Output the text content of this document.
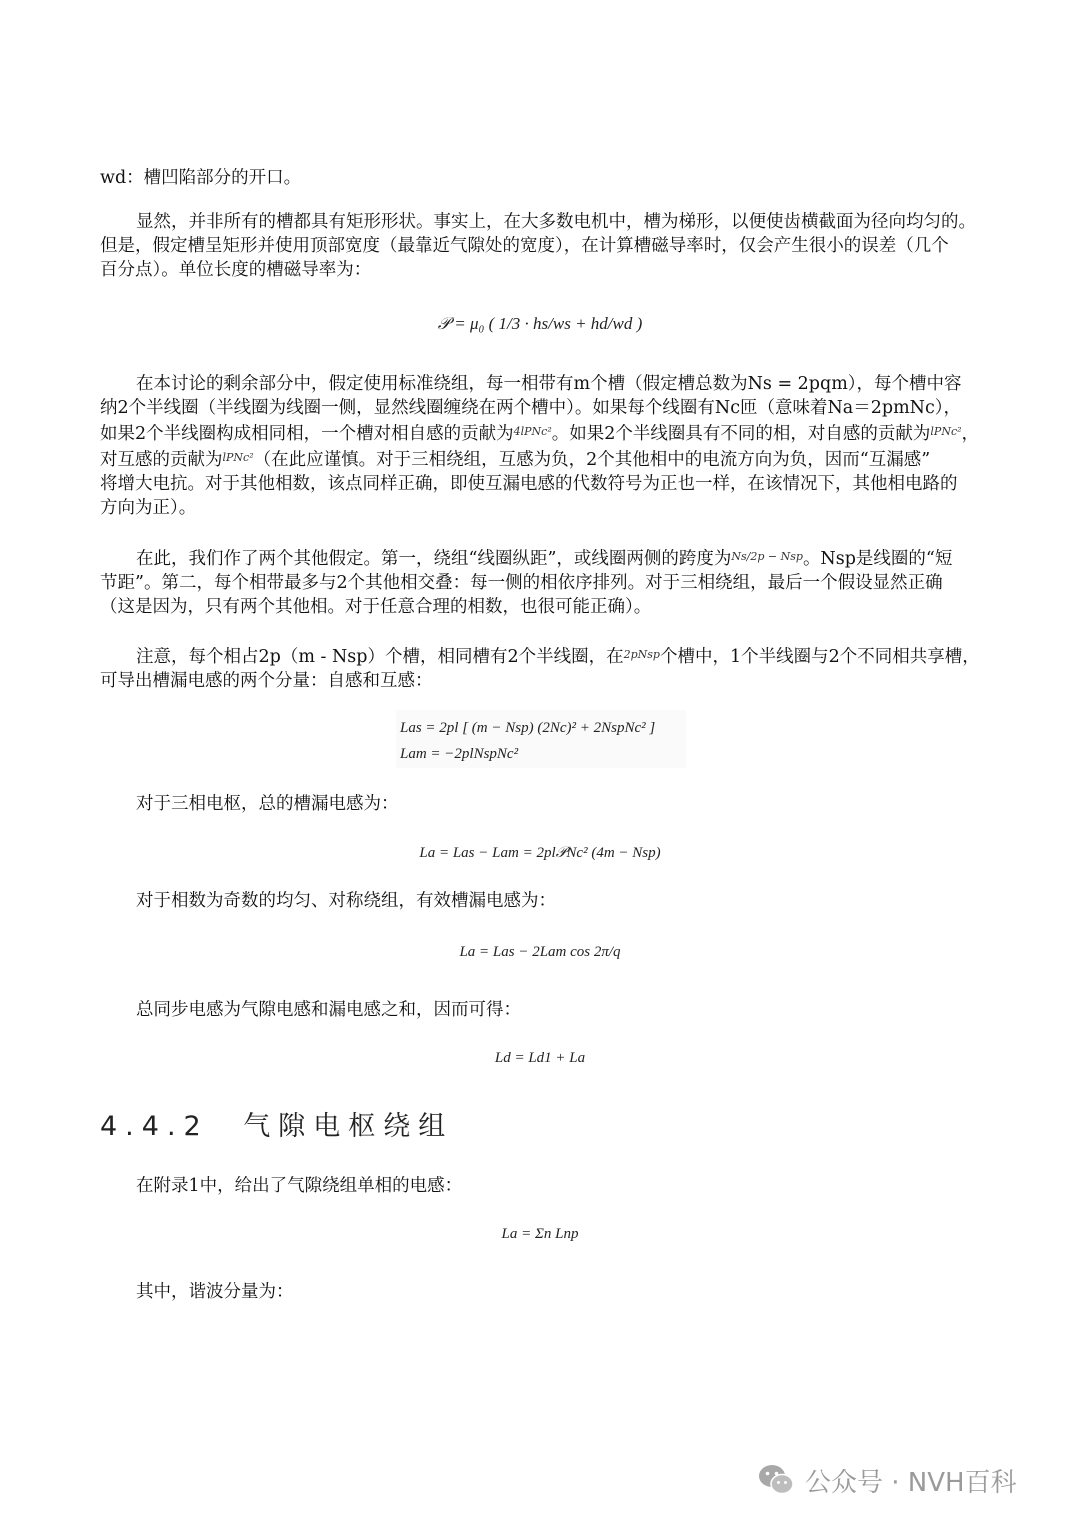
wd：槽凹陷部分的开口。

显然，并非所有的槽都具有矩形形状。事实上，在大多数电机中，槽为梯形，以便使齿横截面为径向均匀的。
但是，假定槽呈矩形并使用顶部宽度（最靠近气隙处的宽度），在计算槽磁导率时，仅会产生很小的误差（几个
百分点）。单位长度的槽磁导率为：
𝒫 = μ₀ ( 1/3 · hs/ws + hd/wd )
在本讨论的剩余部分中，假定使用标准绕组，每一相带有m个槽（假定槽总数为Ns = 2pqm），每个槽中容
纳2个半线圈（半线圈为线圈一侧，显然线圈缠绕在两个槽中）。如果每个线圈有Nc匝（意味着Na＝2pmNc），
如果2个半线圈构成相同相，一个槽对相自感的贡献为$^{4lPNc^2}$。如果2个半线圈具有不同的相，对自感的贡献为$^{lPNc^2}$，
对互感的贡献为$^{lPNc^2}$（在此应谨慎。对于三相绕组，互感为负，2个其他相中的电流方向为负，因而“互漏感”
将增大电抗。对于其他相数，该点同样正确，即使互漏电感的代数符号为正也一样，在该情况下，其他相电路的
方向为正）。
在此，我们作了两个其他假定。第一，绕组“线圈纵距”，或线圈两侧的跨度为$^{Ns/2p - Nsp}$。Nsp是线圈的“短
节距”。第二，每个相带最多与2个其他相交叠：每一侧的相依序排列。对于三相绕组，最后一个假设显然正确
（这是因为，只有两个其他相。对于任意合理的相数，也很可能正确）。
注意，每个相占2p（m - Nsp）个槽，相同槽有2个半线圈，在$^{2pNsp}$个槽中，1个半线圈与2个不同相共享槽，
可导出槽漏电感的两个分量：自感和互感：
Las = 2pl [ (m − Nsp) (2Nc)² + 2NspNc² ]
Lam = −2plNspNc²

对于三相电枢，总的槽漏电感为：

La = Las − Lam = 2pl𝒫Nc² (4m − Nsp)

对于相数为奇数的均匀、对称绕组，有效槽漏电感为：

La = Las − 2Lam cos 2π/q

总同步电感为气隙电感和漏电感之和，因而可得：

Ld = Ld1 + La
4.4.2 气隙电枢绕组

在附录1中，给出了气隙绕组单相的电感：

La = Σn Lnp

其中，谐波分量为：

公众号 · NVH百科
